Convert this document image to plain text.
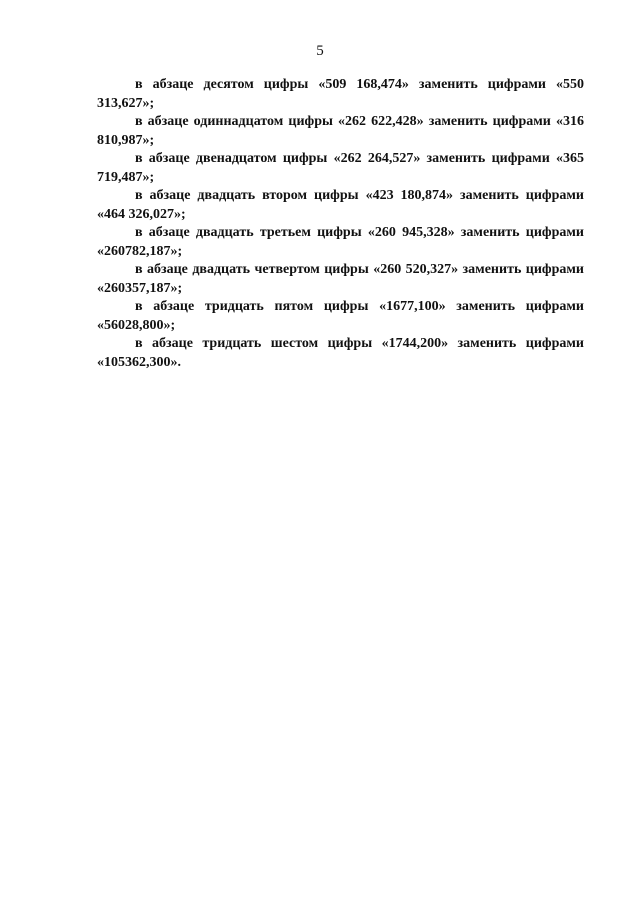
5

в абзаце десятом цифры «509 168,474» заменить цифрами «550 313,627»;

в абзаце одиннадцатом цифры «262 622,428» заменить цифрами «316 810,987»;

в абзаце двенадцатом цифры «262 264,527» заменить цифрами «365 719,487»;

в абзаце двадцать втором цифры «423 180,874» заменить цифрами «464 326,027»;

в абзаце двадцать третьем цифры «260 945,328» заменить цифрами «260782,187»;

в абзаце двадцать четвертом цифры «260 520,327» заменить цифрами «260357,187»;

в абзаце тридцать пятом цифры «1677,100» заменить цифрами «56028,800»;

в абзаце тридцать шестом цифры «1744,200» заменить цифрами «105362,300».
